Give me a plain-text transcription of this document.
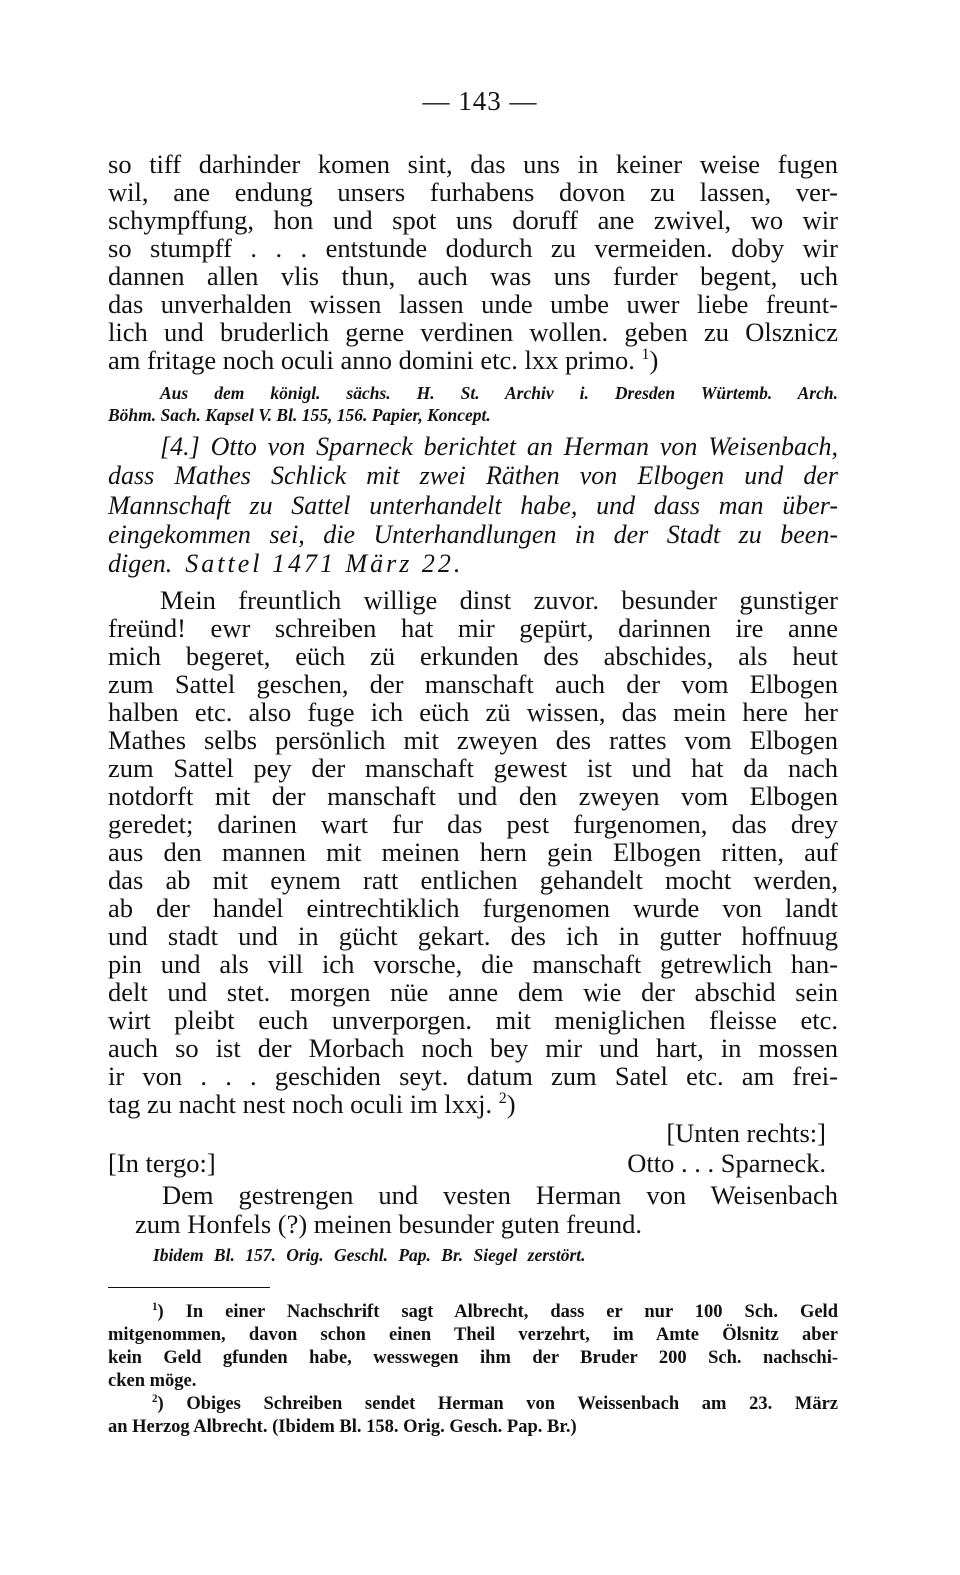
— 143 —
so tiff darhinder komen sint, das uns in keiner weise fugen
wil, ane endung unsers furhabens dovon zu lassen, ver-
schympffung, hon und spot uns doruff ane zwivel, wo wir
so stumpff . . . entstunde dodurch zu vermeiden. doby wir
dannen allen vlis thun, auch was uns furder begent, uch
das unverhalden wissen lassen unde umbe uwer liebe freunt-
lich und bruderlich gerne verdinen wollen. geben zu Olsznicz
am fritage noch oculi anno domini etc. lxx primo. $^1$)
Aus dem königl. sächs. H. St. Archiv i. Dresden Würtemb. Arch.
Böhm. Sach. Kapsel V. Bl. 155, 156. Papier, Koncept.
[4.] Otto von Sparneck berichtet an Herman von Weisenbach,
dass Mathes Schlick mit zwei Räthen von Elbogen und der
Mannschaft zu Sattel unterhandelt habe, und dass man über-
eingekommen sei, die Unterhandlungen in der Stadt zu been-
digen. Sattel 1471 März 22.
Mein freuntlich willige dinst zuvor. besunder gunstiger
freünd! ewr schreiben hat mir gepürt, darinnen ire anne
mich begeret, eüch zü erkunden des abschides, als heut
zum Sattel geschen, der manschaft auch der vom Elbogen
halben etc. also fuge ich eüch zü wissen, das mein here her
Mathes selbs persönlich mit zweyen des rattes vom Elbogen
zum Sattel pey der manschaft gewest ist und hat da nach
notdorft mit der manschaft und den zweyen vom Elbogen
geredet; darinen wart fur das pest furgenomen, das drey
aus den mannen mit meinen hern gein Elbogen ritten, auf
das ab mit eynem ratt entlichen gehandelt mocht werden,
ab der handel eintrechtiklich furgenomen wurde von landt
und stadt und in gücht gekart. des ich in gutter hoffnuug
pin und als vill ich vorsche, die manschaft getrewlich han-
delt und stet. morgen nüe anne dem wie der abschid sein
wirt pleibt euch unverporgen. mit meniglichen fleisse etc.
auch so ist der Morbach noch bey mir und hart, in mossen
ir von . . . geschiden seyt. datum zum Satel etc. am frei-
tag zu nacht nest noch oculi im lxxj. $^2$)
[Unten rechts:]
[In tergo:]	Otto . . . Sparneck.
Dem gestrengen und vesten Herman von Weisenbach
zum Honfels (?) meinen besunder guten freund.
Ibidem Bl. 157. Orig. Geschl. Pap. Br. Siegel zerstört.
$^1$) In einer Nachschrift sagt Albrecht, dass er nur 100 Sch. Geld
mitgenommen, davon schon einen Theil verzehrt, im Amte Ölsnitz aber
kein Geld gfunden habe, wesswegen ihm der Bruder 200 Sch. nachschi-
cken möge.
$^2$) Obiges Schreiben sendet Herman von Weissenbach am 23. März
an Herzog Albrecht. (Ibidem Bl. 158. Orig. Gesch. Pap. Br.)
